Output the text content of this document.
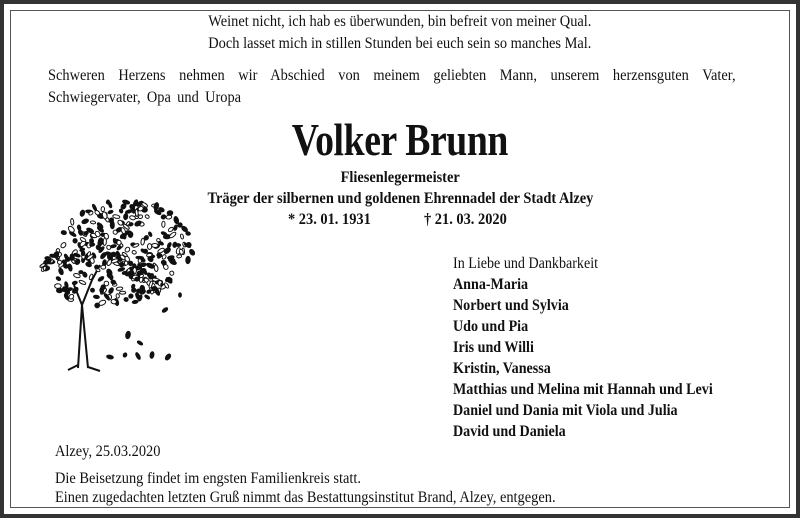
Weinet nicht, ich hab es überwunden, bin befreit von meiner Qual.
Doch lasset mich in stillen Stunden bei euch sein so manches Mal.
Schweren Herzens nehmen wir Abschied von meinem geliebten Mann, unserem herzensguten Vater, Schwiegervater, Opa und Uropa
Volker Brunn
Fliesenlegermeister
Träger der silbernen und goldenen Ehrennadel der Stadt Alzey
* 23. 01. 1931	† 21. 03. 2020
In Liebe und Dankbarkeit
Anna-Maria
Norbert und Sylvia
Udo und Pia
Iris und Willi
Kristin, Vanessa
Matthias und Melina mit Hannah und Levi
Daniel und Dania mit Viola und Julia
David und Daniela
Alzey, 25.03.2020
Die Beisetzung findet im engsten Familienkreis statt.
Einen zugedachten letzten Gruß nimmt das Bestattungsinstitut Brand, Alzey, entgegen.
